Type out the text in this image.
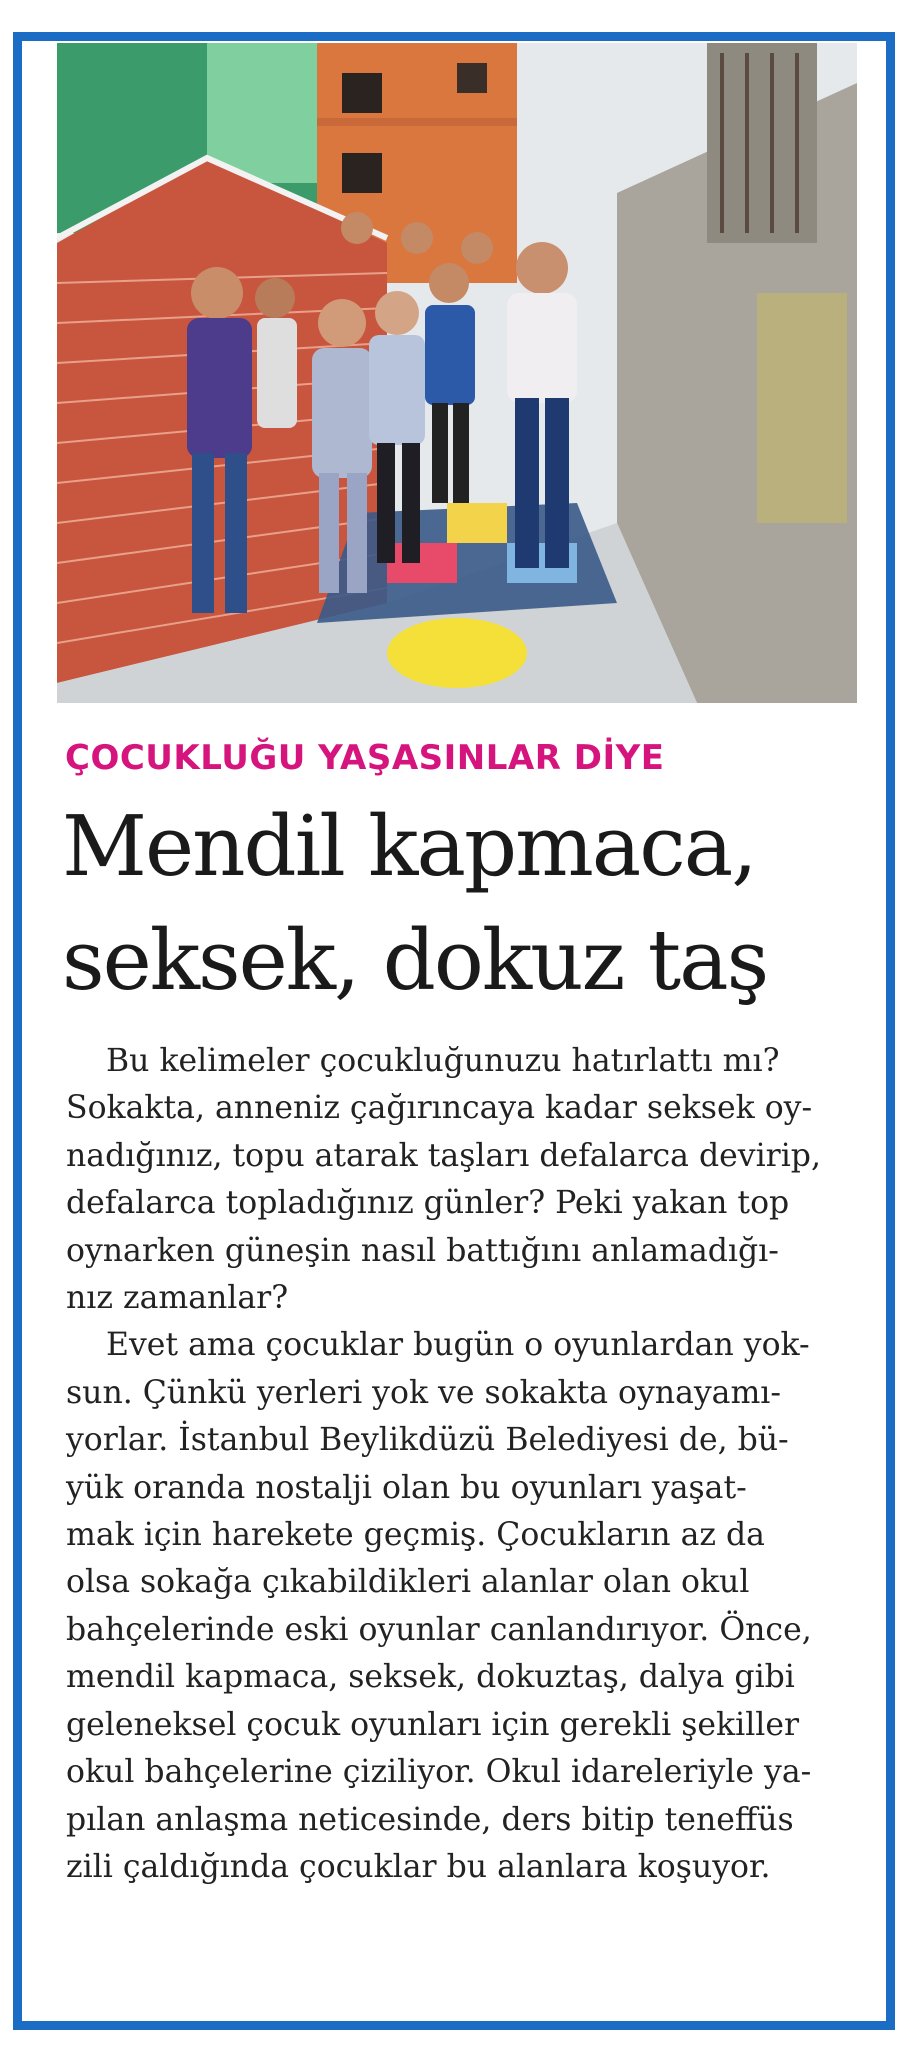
ÇOCUKLUĞU YAŞASINLAR DİYE
Mendil kapmaca,
seksek, dokuz taş
Bu kelimeler çocukluğunuzu hatırlattı mı?
Sokakta, anneniz çağırıncaya kadar seksek oy-
nadığınız, topu atarak taşları defalarca devirip,
defalarca topladığınız günler? Peki yakan top
oynarken güneşin nasıl battığını anlamadığı-
nız zamanlar?
Evet ama çocuklar bugün o oyunlardan yok-
sun. Çünkü yerleri yok ve sokakta oynayamı-
yorlar. İstanbul Beylikdüzü Belediyesi de, bü-
yük oranda nostalji olan bu oyunları yaşat-
mak için harekete geçmiş. Çocukların az da
olsa sokağa çıkabildikleri alanlar olan okul
bahçelerinde eski oyunlar canlandırıyor. Önce,
mendil kapmaca, seksek, dokuztaş, dalya gibi
geleneksel çocuk oyunları için gerekli şekiller
okul bahçelerine çiziliyor. Okul idareleriyle ya-
pılan anlaşma neticesinde, ders bitip teneffüs
zili çaldığında çocuklar bu alanlara koşuyor.
